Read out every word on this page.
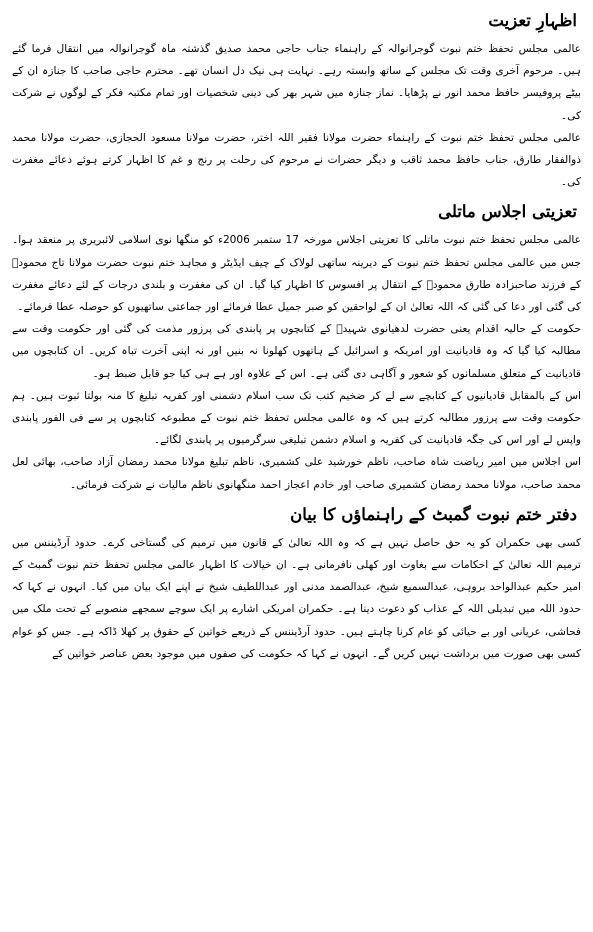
اظہارِ تعزیت

عالمی مجلس تحفظ ختم نبوت گوجرانوالہ کے راہنماء جناب حاجی محمد صدیق گذشتہ ماہ گوجرانوالہ میں انتقال فرما گئے ہیں۔ مرحوم آخری وقت تک مجلس کے ساتھ وابستہ رہے۔ نہایت ہی نیک دل انسان تھے۔ محترم حاجی صاحب کا جنازہ ان کے بیٹے پروفیسر حافظ محمد انور نے پڑھایا۔ نماز جنازہ میں شہر بھر کی دینی شخصیات اور تمام مکتبہ فکر کے لوگوں نے شرکت کی۔

عالمی مجلس تحفظ ختم نبوت کے راہنماء حضرت مولانا فقیر اللہ اختر، حضرت مولانا مسعود الحجازی، حضرت مولانا محمد ذوالفقار طارق، جناب حافظ محمد ثاقب و دیگر حضرات نے مرحوم کی رحلت پر رنج و غم کا اظہار کرتے ہوئے دعائے مغفرت کی۔

تعزیتی اجلاس ماتلی

عالمی مجلس تحفظ ختم نبوت ماتلی کا تعزیتی اجلاس مورخہ 17 ستمبر 2006ء کو منگھا نوی اسلامی لائبریری پر منعقد ہوا۔ جس میں عالمی مجلس تحفظ ختم نبوت کے دیرینہ ساتھی لولاک کے چیف ایڈیٹر و مجاہد ختم نبوت حضرت مولانا تاج محمودؒ کے فرزند صاحبزادہ طارق محمودؒ کے انتقال پر افسوس کا اظہار کیا گیا۔ ان کی مغفرت و بلندی درجات کے لئے دعائے مغفرت کی گئی اور دعا کی گئی کہ اللہ تعالیٰ ان کے لواحقین کو صبر جمیل عطا فرمائے اور جماعتی ساتھیوں کو حوصلہ عطا فرمائے۔

حکومت کے حالیہ اقدام یعنی حضرت لدھیانوی شہیدؒ کے کتابچوں پر پابندی کی پرزور مذمت کی گئی اور حکومت وقت سے مطالبہ کیا گیا کہ وہ قادیانیت اور امریکہ و اسرائیل کے ہاتھوں کھلونا نہ بنیں اور نہ اپنی آخرت تباہ کریں۔ ان کتابچوں میں قادیانیت کے متعلق مسلمانوں کو شعور و آگاہی دی گئی ہے۔ اس کے علاوہ اور ہے ہی کیا جو قابل ضبط ہو۔

اس کے بالمقابل قادیانیوں کے کتابچے سے لے کر ضخیم کتب تک سب اسلام دشمنی اور کفریہ تبلیغ کا منہ بولتا ثبوت ہیں۔ ہم حکومت وقت سے پرزور مطالبہ کرتے ہیں کہ وہ عالمی مجلس تحفظ ختم نبوت کے مطبوعہ کتابچوں پر سے فی الفور پابندی واپس لے اور اس کی جگہ قادیانیت کی کفریہ و اسلام دشمن تبلیغی سرگرمیوں پر پابندی لگائے۔

اس اجلاس میں امیر ریاضت شاہ صاحب، ناظم خورشید علی کشمیری، ناظم تبلیغ مولانا محمد رمضان آزاد صاحب، بھائی لعل محمد صاحب، مولانا محمد رمضان کشمیری صاحب اور خادم اعجاز احمد منگھانوی ناظم مالیات نے شرکت فرمائی۔

دفتر ختم نبوت گمبٹ کے راہنماؤں کا بیان

کسی بھی حکمران کو یہ حق حاصل نہیں ہے کہ وہ اللہ تعالیٰ کے قانون میں ترمیم کی گستاخی کرے۔ حدود آرڈیننس میں ترمیم اللہ تعالیٰ کے احکامات سے بغاوت اور کھلی نافرمانی ہے۔ ان خیالات کا اظہار عالمی مجلس تحفظ ختم نبوت گمبٹ کے امیر حکیم عبدالواحد بروہی، عبدالسمیع شیخ، عبدالصمد مدنی اور عبداللطیف شیخ نے اپنے ایک بیان میں کیا۔ انہوں نے کہا کہ حدود اللہ میں تبدیلی اللہ کے عذاب کو دعوت دینا ہے۔ حکمران امریکی اشارے پر ایک سوچے سمجھے منصوبے کے تحت ملک میں فحاشی، عریانی اور بے حیائی کو عام کرنا چاہتے ہیں۔ حدود آرڈیننس کے ذریعے خواتین کے حقوق پر کھلا ڈاکہ ہے۔ جس کو عوام کسی بھی صورت میں برداشت نہیں کریں گے۔ انہوں نے کہا کہ حکومت کی صفوں میں موجود بعض عناصر خواتین کے
